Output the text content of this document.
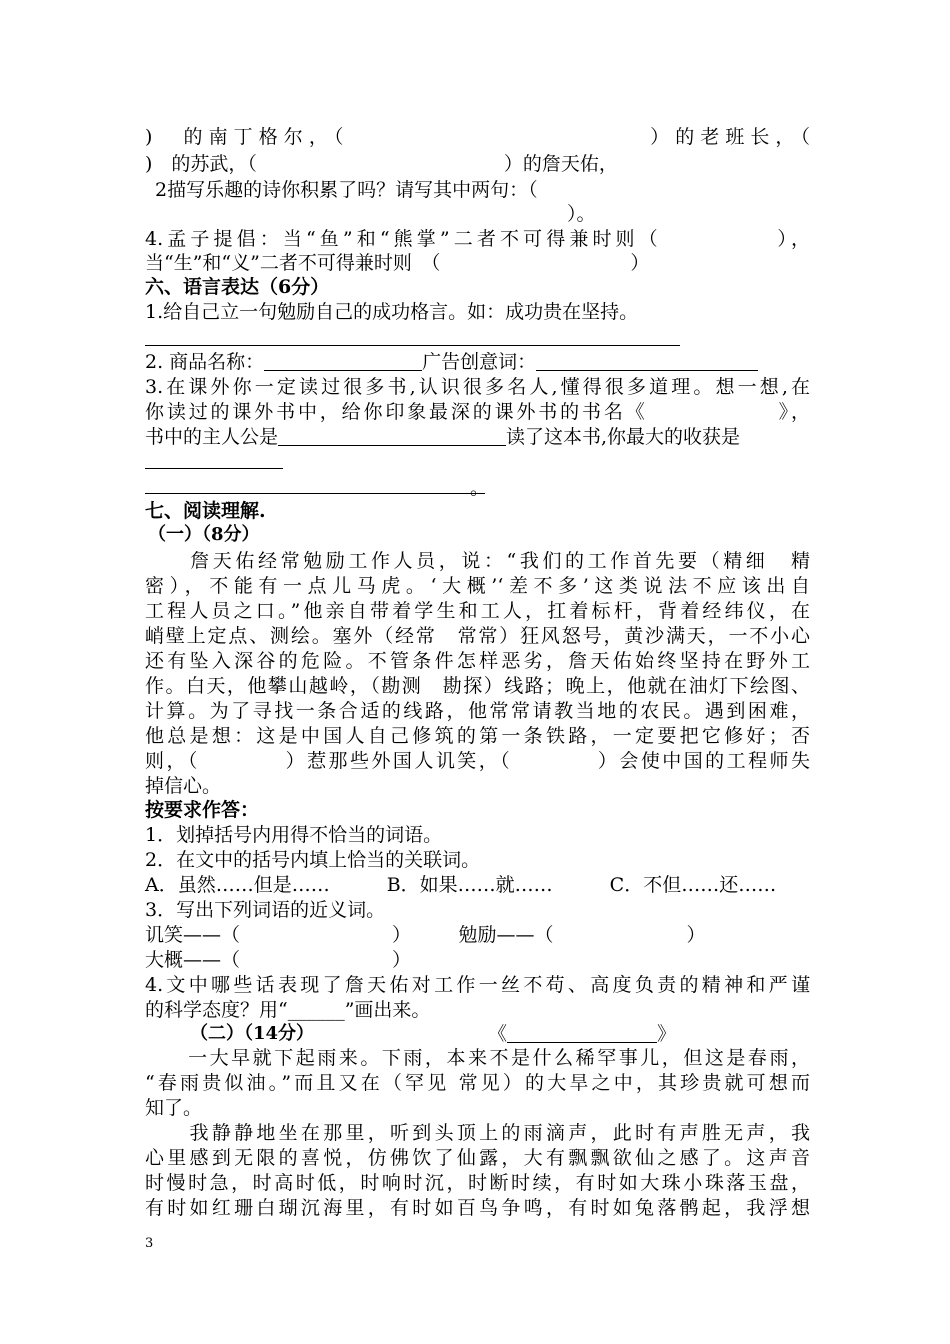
)　的南丁格尔，（　　　　　　　　　　　　）的老班长，（
)　的苏武，（　　　　　　　　　　　　　）的詹天佑，
2描写乐趣的诗你积累了吗？请写其中两句：（
）。
4.孟子提倡：当“鱼”和“熊掌”二者不可得兼时则（　　　　　），
当“生”和“义”二者不可得兼时则　（　　　　　　　　　　）
六、语言表达（6分）
1.给自己立一句勉励自己的成功格言。如：成功贵在坚持。
2. 商品名称：	广告创意词：
3.在课外你一定读过很多书,认识很多名人,懂得很多道理。想一想,在
你读过的课外书中，给你印象最深的课外书的书名《　　　　　　》，
书中的主人公是	读了这本书,你最大的收获是
。
七、阅读理解.
（一）（8分）
　　詹天佑经常勉励工作人员，说：“我们的工作首先要（精细　精
密），不能有一点儿马虎。‘大概’‘差不多’这类说法不应该出自
工程人员之口。”他亲自带着学生和工人，扛着标杆，背着经纬仪，在
峭壁上定点、测绘。塞外（经常　常常）狂风怒号，黄沙满天，一不小心
还有坠入深谷的危险。不管条件怎样恶劣，詹天佑始终坚持在野外工
作。白天，他攀山越岭，（勘测　勘探）线路；晚上，他就在油灯下绘图、
计算。为了寻找一条合适的线路，他常常请教当地的农民。遇到困难，
他总是想：这是中国人自己修筑的第一条铁路，一定要把它修好；否
则，（　　　　）惹那些外国人讥笑，（　　　　）会使中国的工程师失
掉信心。
按要求作答：
1．划掉括号内用得不恰当的词语。
2．在文中的括号内填上恰当的关联词。
A．虽然……但是……　　　B．如果……就……　　　C．不但……还……
3．写出下列词语的近义词。
讥笑——（　　　　　　　　）　　　勉励——（　　　　　　　）
大概——（　　　　　　　　）
4.文中哪些话表现了詹天佑对工作一丝不苟、高度负责的精神和严谨
的科学态度？用“______”画出来。
（二）（14分）	《	》
　　一大早就下起雨来。下雨，本来不是什么稀罕事儿，但这是春雨，
“春雨贵似油。”而且又在（罕见 常见）的大旱之中，其珍贵就可想而
知了。
　　我静静地坐在那里，听到头顶上的雨滴声，此时有声胜无声，我
心里感到无限的喜悦，仿佛饮了仙露，大有飘飘欲仙之感了。这声音
时慢时急，时高时低，时响时沉，时断时续，有时如大珠小珠落玉盘，
有时如红珊白瑚沉海里，有时如百鸟争鸣，有时如兔落鹘起，我浮想
3
